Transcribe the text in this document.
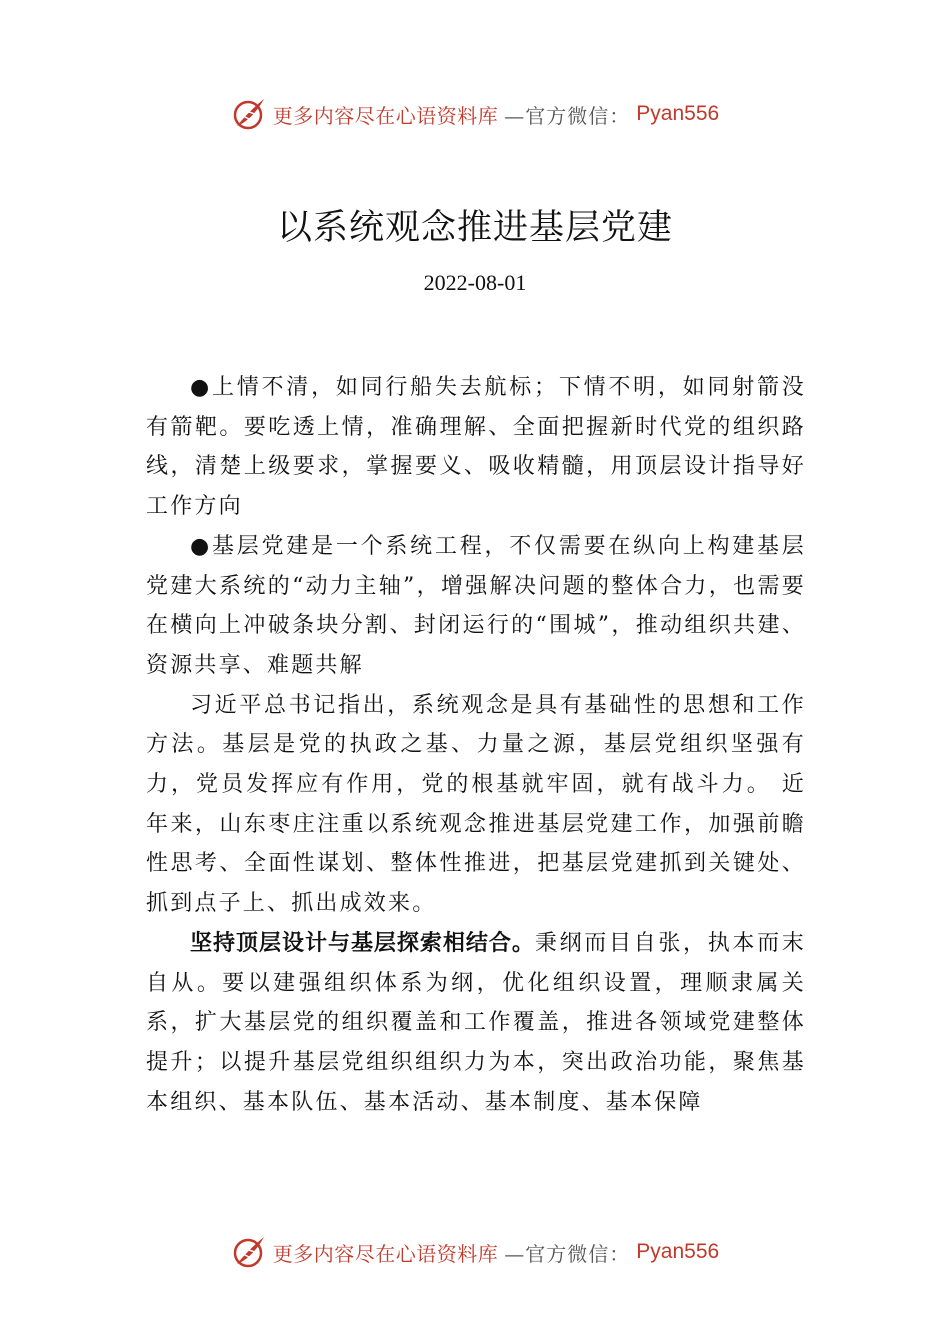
更多内容尽在心语资料库 —官方微信： Pyan556
以系统观念推进基层党建
2022-08-01

●上情不清，如同行船失去航标；下情不明，如同射箭没有箭靶。要吃透上情，准确理解、全面把握新时代党的组织路线，清楚上级要求，掌握要义、吸收精髓，用顶层设计指导好工作方向

●基层党建是一个系统工程，不仅需要在纵向上构建基层党建大系统的“动力主轴”，增强解决问题的整体合力，也需要在横向上冲破条块分割、封闭运行的“围城”，推动组织共建、资源共享、难题共解

习近平总书记指出，系统观念是具有基础性的思想和工作方法。基层是党的执政之基、力量之源，基层党组织坚强有力，党员发挥应有作用，党的根基就牢固，就有战斗力。 近年来，山东枣庄注重以系统观念推进基层党建工作，加强前瞻性思考、全面性谋划、整体性推进，把基层党建抓到关键处、抓到点子上、抓出成效来。

坚持顶层设计与基层探索相结合。秉纲而目自张，执本而末自从。要以建强组织体系为纲，优化组织设置，理顺隶属关系，扩大基层党的组织覆盖和工作覆盖，推进各领域党建整体提升；以提升基层党组织组织力为本，突出政治功能，聚焦基本组织、基本队伍、基本活动、基本制度、基本保障

更多内容尽在心语资料库 —官方微信： Pyan556
